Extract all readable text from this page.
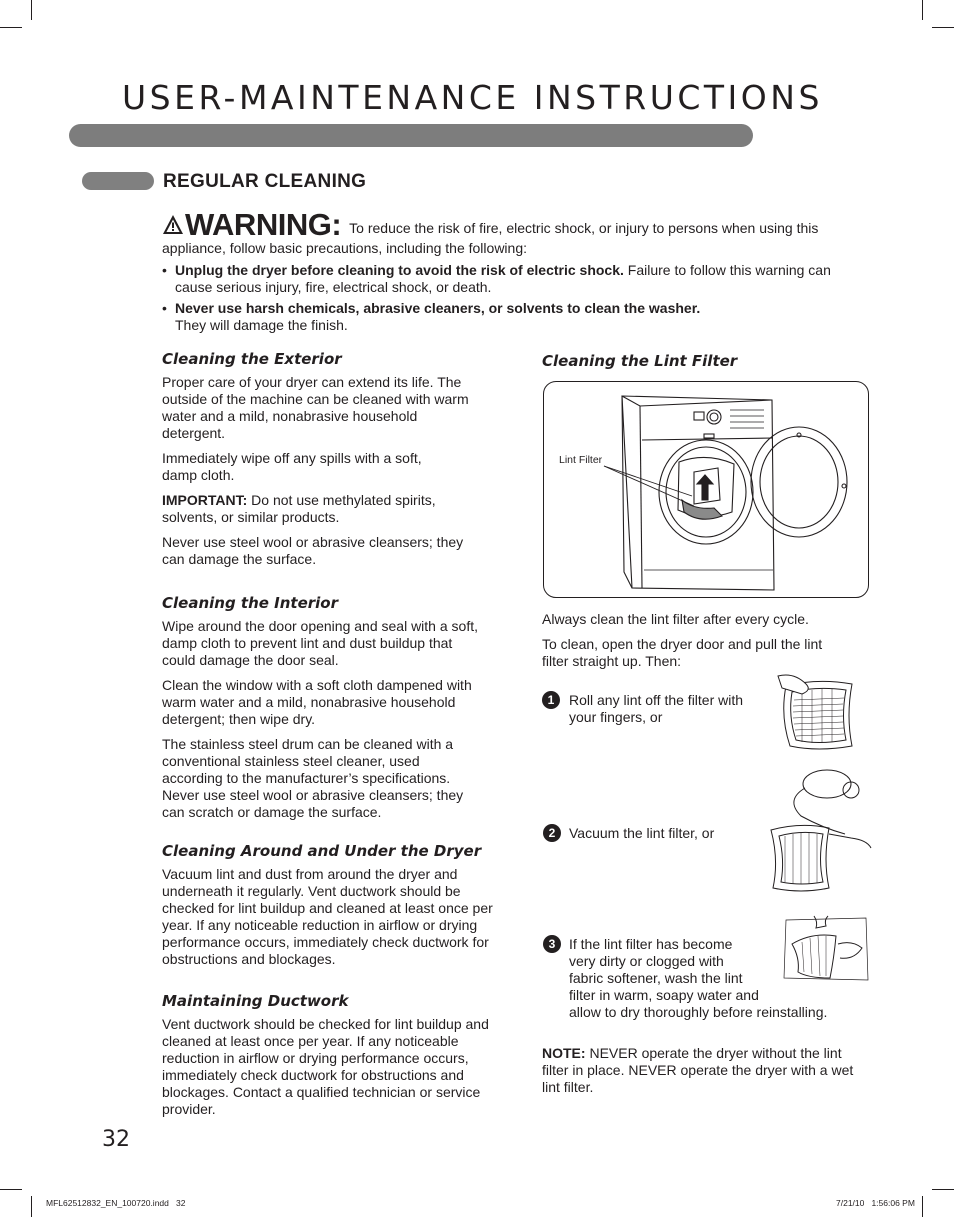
USER-MAINTENANCE INSTRUCTIONS
REGULAR CLEANING
WARNING: To reduce the risk of fire, electric shock, or injury to persons when using this appliance, follow basic precautions, including the following:
• Unplug the dryer before cleaning to avoid the risk of electric shock. Failure to follow this warning can cause serious injury, fire, electrical shock, or death.
• Never use harsh chemicals, abrasive cleaners, or solvents to clean the washer.
They will damage the finish.
Cleaning the Exterior

Proper care of your dryer can extend its life. The outside of the machine can be cleaned with warm water and a mild, nonabrasive household detergent.

Immediately wipe off any spills with a soft, damp cloth.

IMPORTANT: Do not use methylated spirits, solvents, or similar products.

Never use steel wool or abrasive cleansers; they can damage the surface.

Cleaning the Interior

Wipe around the door opening and seal with a soft, damp cloth to prevent lint and dust buildup that could damage the door seal.

Clean the window with a soft cloth dampened with warm water and a mild, nonabrasive household detergent; then wipe dry.

The stainless steel drum can be cleaned with a conventional stainless steel cleaner, used according to the manufacturer’s specifications. Never use steel wool or abrasive cleansers; they can scratch or damage the surface.

Cleaning Around and Under the Dryer

Vacuum lint and dust from around the dryer and underneath it regularly. Vent ductwork should be checked for lint buildup and cleaned at least once per year. If any noticeable reduction in airflow or drying performance occurs, immediately check ductwork for obstructions and blockages.

Maintaining Ductwork

Vent ductwork should be checked for lint buildup and cleaned at least once per year. If any noticeable reduction in airflow or drying performance occurs, immediately check ductwork for obstructions and blockages. Contact a qualified technician or service provider.

Cleaning the Lint Filter
Lint Filter

Always clean the lint filter after every cycle.

To clean, open the dryer door and pull the lint filter straight up. Then:

1	Roll any lint off the filter with your fingers, or
2 Vacuum the lint filter, or
3 If the lint filter has become very dirty or clogged with fabric softener, wash the lint filter in warm, soapy water and allow to dry thoroughly before reinstalling.
NOTE: NEVER operate the dryer without the lint filter in place. NEVER operate the dryer with a wet lint filter.
32
MFL62512832_EN_100720.indd   32	7/21/10   1:56:06 PM
